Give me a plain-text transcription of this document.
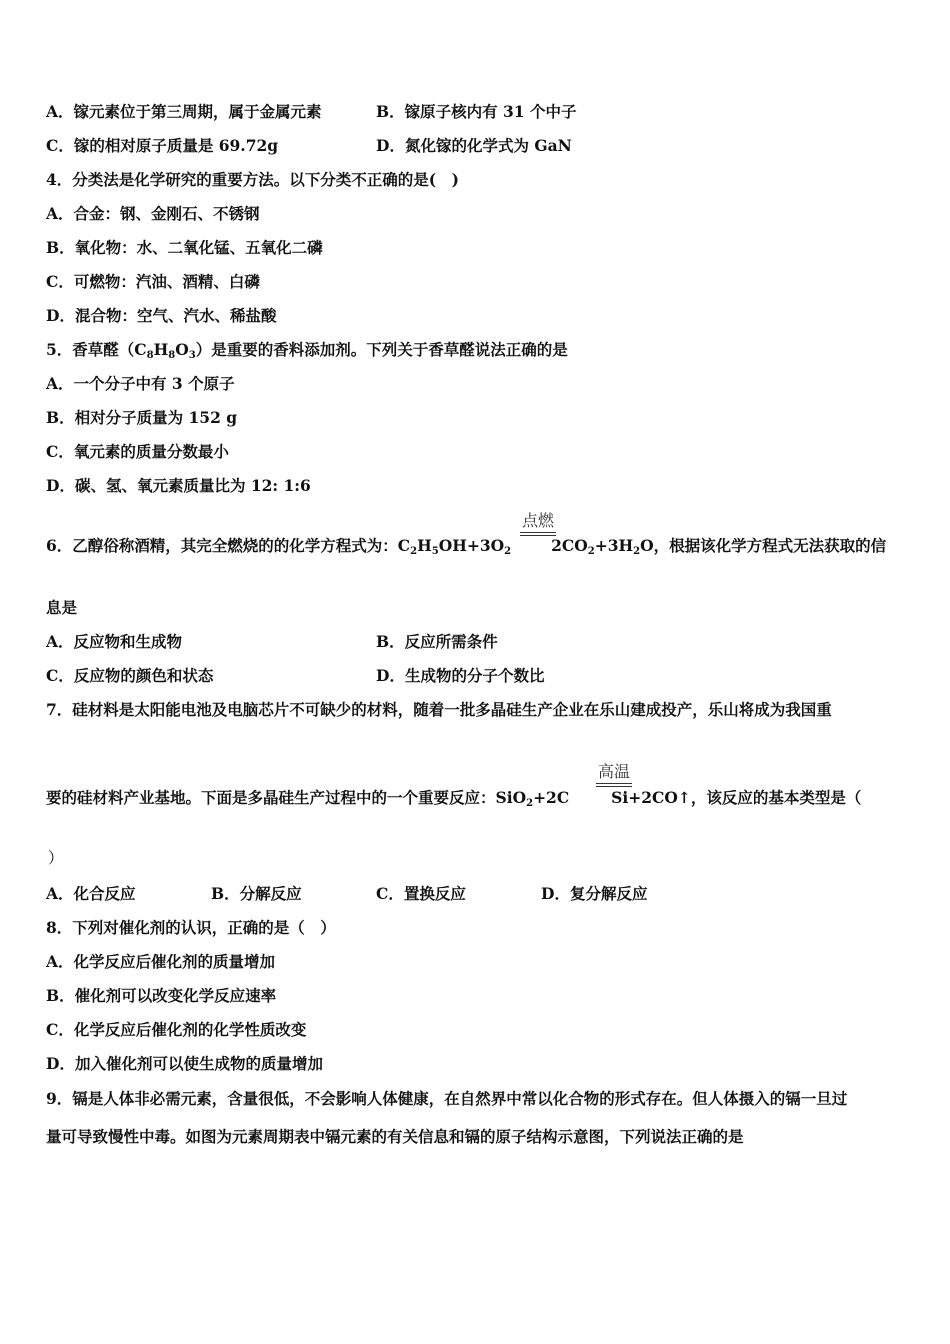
A．镓元素位于第三周期，属于金属元素	B．镓原子核内有 31 个中子
C．镓的相对原子质量是 69.72g	D．氮化镓的化学式为 GaN
4．分类法是化学研究的重要方法。以下分类不正确的是(　)
A．合金：钢、金刚石、不锈钢
B．氧化物：水、二氧化锰、五氧化二磷
C．可燃物：汽油、酒精、白磷
D．混合物：空气、汽水、稀盐酸
5．香草醛$(C_8H_8O_3)$是重要的香料添加剂。下列关于香草醛说法正确的是
A．一个分子中有 3 个原子
B．相对分子质量为 152 g
C．氧元素的质量分数最小
D．碳、氢、氧元素质量比为 12: 1:6
点燃
6．乙醇俗称酒精，其完全燃烧的的化学方程式为：$C_2H_5OH+3O_2$	$2CO_2+3H_2O$，根据该化学方程式无法获取的信
息是
A．反应物和生成物	B．反应所需条件
C．反应物的颜色和状态	D．生成物的分子个数比
7．硅材料是太阳能电池及电脑芯片不可缺少的材料，随着一批多晶硅生产企业在乐山建成投产，乐山将成为我国重
高温
要的硅材料产业基地。下面是多晶硅生产过程中的一个重要反应：SiO$_2$+2C	Si+2CO↑，该反应的基本类型是（
）
A．化合反应	B．分解反应	C．置换反应	D．复分解反应
8．下列对催化剂的认识，正确的是（　）
A．化学反应后催化剂的质量增加
B．催化剂可以改变化学反应速率
C．化学反应后催化剂的化学性质改变
D．加入催化剂可以使生成物的质量增加
9．镉是人体非必需元素，含量很低，不会影响人体健康，在自然界中常以化合物的形式存在。但人体摄入的镉一旦过
量可导致慢性中毒。如图为元素周期表中镉元素的有关信息和镉的原子结构示意图，下列说法正确的是
